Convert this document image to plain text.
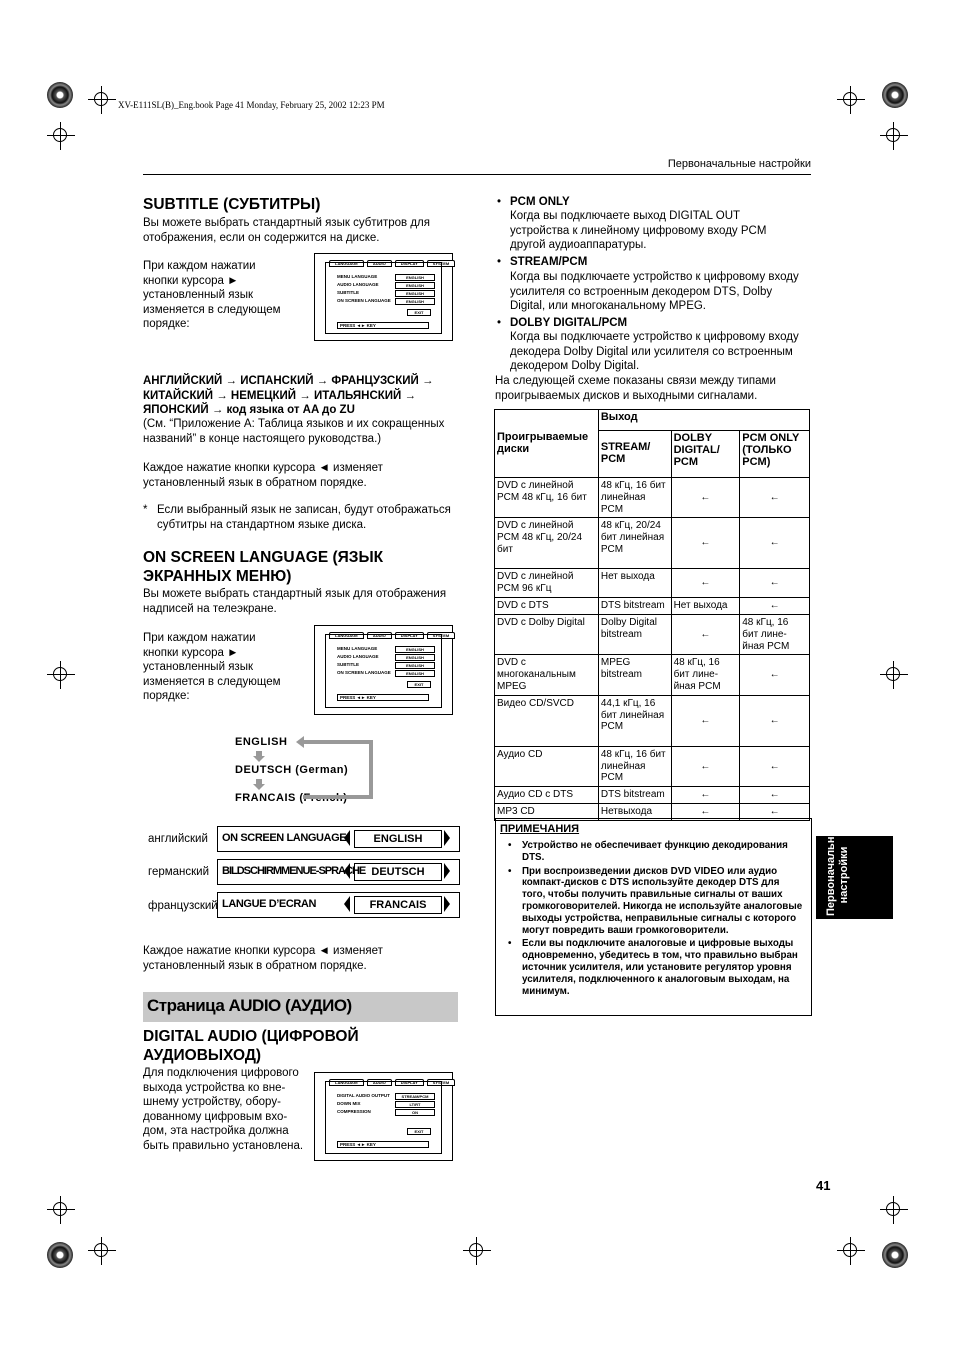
XV-E111SL(B)_Eng.book Page 41 Monday, February 25, 2002 12:23 PM
Первоначальные настройки
SUBTITLE (СУБТИТРЫ)
Вы можете выбрать стандартный язык субтитров для отображения, если он содержится на диске.
При каждом нажатии кнопки курсора ► установленный язык изменяется в следующем порядке:
LANGUAGE	AUDIO	DISPLAY	SYSTEM
MENU LANGUAGE
AUDIO LANGUAGE
SUBTITLE
ON SCREEN LANGUAGE
ENGLISH
ENGLISH
ENGLISH
ENGLISH
EXIT
PRESS ◄► KEY
АНГЛИЙСКИЙ → ИСПАНСКИЙ → ФРАНЦУЗСКИЙ →
КИТАЙСКИЙ → НЕМЕЦКИЙ → ИТАЛЬЯНСКИЙ →
ЯПОНСКИЙ → код языка от AA до ZU
(См. “Приложение A: Таблица языков и их сокращенных названий” в конце настоящего руководства.)
Каждое нажатие кнопки курсора ◄ изменяет установленный язык в обратном порядке.
* Если выбранный язык не записан, будут отображаться субтитры на стандартном языке диска.
ON SCREEN LANGUAGE (ЯЗЫК
ЭКРАННЫХ МЕНЮ)
Вы можете выбрать стандартный язык для отображения надписей на телеэкране.
При каждом нажатии кнопки курсора ► установленный язык изменяется в следующем порядке:
LANGUAGE	AUDIO	DISPLAY	SYSTEM
MENU LANGUAGE
AUDIO LANGUAGE
SUBTITLE
ON SCREEN LANGUAGE
ENGLISH
ENGLISH
ENGLISH
ENGLISH
EXIT
PRESS ◄► KEY
ENGLISH
DEUTSCH (German)
FRANCAIS (French)
английский ON SCREEN LANGUAGE	ENGLISH
германский BILDSCHIRMMENUE-SPRACHE DEUTSCH
французский LANGUE D’ECRAN	FRANCAIS
Каждое нажатие кнопки курсора ◄ изменяет установленный язык в обратном порядке.
Страница AUDIO (АУДИО)
DIGITAL AUDIO (ЦИФРОВОЙ
АУДИОВЫХОД)
Для подключения цифрового выхода устройства ко вне-шнему устройству, обору-дованному цифровым вхо-дом, эта настройка должна быть правильно установлена.
LANGUAGE	AUDIO	DISPLAY	SYSTEM
DIGITAL AUDIO OUTPUT
DOWN MIX
COMPRESSION
STREAM/PCM
LT/RT
ON
EXIT
PRESS ◄► KEY
• PCM ONLY
Когда вы подключаете выход DIGITAL OUT устройства к линейному цифровому входу PCM другой аудиоаппаратуры.
• STREAM/PCM
Когда вы подключаете устройство к цифровому входу усилителя со встроенным декодером DTS, Dolby Digital, или многоканальному MPEG.
• DOLBY DIGITAL/PCM
Когда вы подключаете устройство к цифровому входу декодера Dolby Digital или усилителя со встроенным декодером Dolby Digital.
На следующей схеме показаны связи между типами проигрываемых дисков и выходными сигналами.
Проигрываемые диски	Выход		
	STREAM/ PCM	DOLBY DIGITAL/ PCM	PCM ONLY (ТОЛЬКО PCM)
DVD с линейной PCM 48 кГц, 16 бит	48 кГц, 16 бит линейная PCM	←	←
DVD с линейной PCM 48 кГц, 20/24 бит	48 кГц, 20/24 бит линейная PCM	←	←
DVD с линейной PCM 96 кГц	Нет выхода	←	←
DVD с DTS	DTS bitstream	Нет выхода	←
DVD с Dolby Digital	Dolby Digital bitstream	←	48 кГц, 16 бит лине-йная PCM
DVD с многоканальным MPEG	MPEG bitstream	48 кГц, 16 бит лине-йная PCM	←
Видео CD/SVCD	44,1 кГц, 16 бит линейная PCM	←	←
Аудио CD	48 кГц, 16 бит линейная PCM	←	←
Аудио CD с DTS	DTS bitstream	←	←
MP3 CD	Нетвыхода	←	←
ПРИМЕЧАНИЯ
• Устройство не обеспечивает функцию декодирования DTS.
• При воспроизведении дисков DVD VIDEO или аудио компакт-дисков с DTS используйте декодер DTS для того, чтобы получить правильные сигналы от ваших громкоговорителей. Никогда не используйте аналоговые выходы устройства, неправильные сигналы с которого могут повредить ваши громкоговорители.
• Если вы подключите аналоговые и цифровые выходы одновременно, убедитесь в том, что правильно выбран источник усилителя, или установите регулятор уровня усилителя, подключенного к аналоговым выходам, на минимум.
Первоначальные настройки
41
